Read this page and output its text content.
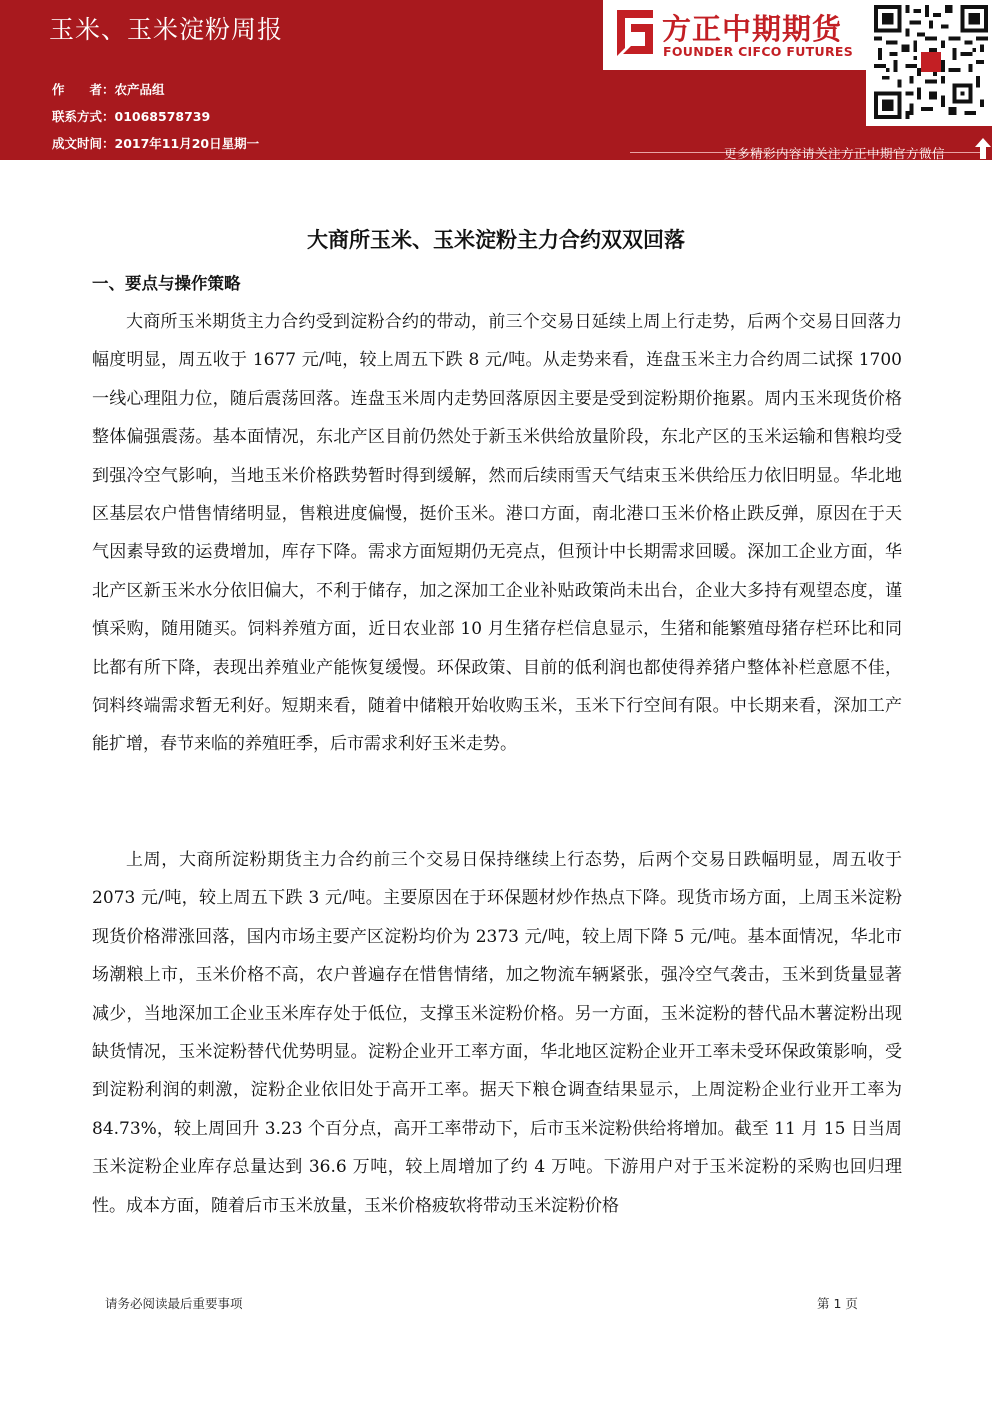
玉米、玉米淀粉周报	方正中期期货
FOUNDER CIFCO FUTURES
作　　者：农产品组
联系方式：01068578739
成文时间：2017年11月20日星期一
更多精彩内容请关注方正中期官方微信
大商所玉米、玉米淀粉主力合约双双回落
一、要点与操作策略

大商所玉米期货主力合约受到淀粉合约的带动，前三个交易日延续上周上行走势，后两个交易日回落力幅度明显，周五收于 1677 元/吨，较上周五下跌 8 元/吨。从走势来看，连盘玉米主力合约周二试探 1700 一线心理阻力位，随后震荡回落。连盘玉米周内走势回落原因主要是受到淀粉期价拖累。周内玉米现货价格整体偏强震荡。基本面情况，东北产区目前仍然处于新玉米供给放量阶段，东北产区的玉米运输和售粮均受到强冷空气影响，当地玉米价格跌势暂时得到缓解，然而后续雨雪天气结束玉米供给压力依旧明显。华北地区基层农户惜售情绪明显，售粮进度偏慢，挺价玉米。港口方面，南北港口玉米价格止跌反弹，原因在于天气因素导致的运费增加，库存下降。需求方面短期仍无亮点，但预计中长期需求回暖。深加工企业方面，华北产区新玉米水分依旧偏大，不利于储存，加之深加工企业补贴政策尚未出台，企业大多持有观望态度，谨慎采购，随用随买。饲料养殖方面，近日农业部 10 月生猪存栏信息显示，生猪和能繁殖母猪存栏环比和同比都有所下降，表现出养殖业产能恢复缓慢。环保政策、目前的低利润也都使得养猪户整体补栏意愿不佳，饲料终端需求暂无利好。短期来看，随着中储粮开始收购玉米，玉米下行空间有限。中长期来看，深加工产能扩增，春节来临的养殖旺季，后市需求利好玉米走势。

上周，大商所淀粉期货主力合约前三个交易日保持继续上行态势，后两个交易日跌幅明显，周五收于 2073 元/吨，较上周五下跌 3 元/吨。主要原因在于环保题材炒作热点下降。现货市场方面，上周玉米淀粉现货价格滞涨回落，国内市场主要产区淀粉均价为 2373 元/吨，较上周下降 5 元/吨。基本面情况，华北市场潮粮上市，玉米价格不高，农户普遍存在惜售情绪，加之物流车辆紧张，强冷空气袭击，玉米到货量显著减少，当地深加工企业玉米库存处于低位，支撑玉米淀粉价格。另一方面，玉米淀粉的替代品木薯淀粉出现缺货情况，玉米淀粉替代优势明显。淀粉企业开工率方面，华北地区淀粉企业开工率未受环保政策影响，受到淀粉利润的刺激，淀粉企业依旧处于高开工率。据天下粮仓调查结果显示，上周淀粉企业行业开工率为 84.73%，较上周回升 3.23 个百分点，高开工率带动下，后市玉米淀粉供给将增加。截至 11 月 15 日当周玉米淀粉企业库存总量达到 36.6 万吨，较上周增加了约 4 万吨。下游用户对于玉米淀粉的采购也回归理性。成本方面，随着后市玉米放量，玉米价格疲软将带动玉米淀粉价格

请务必阅读最后重要事项	第 1 页
